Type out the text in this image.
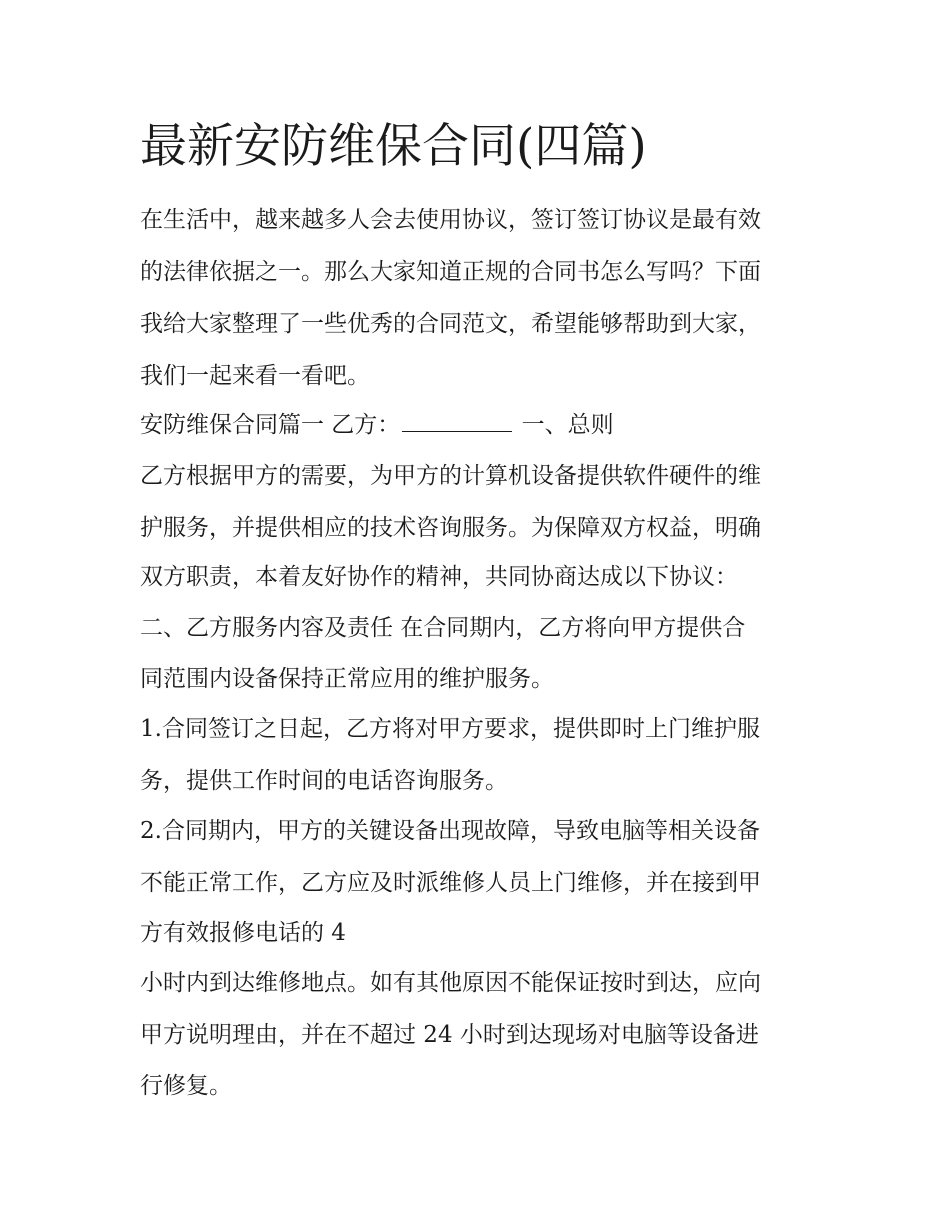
最新安防维保合同(四篇)

在生活中，越来越多人会去使用协议，签订签订协议是最有效

的法律依据之一。那么大家知道正规的合同书怎么写吗？下面

我给大家整理了一些优秀的合同范文，希望能够帮助到大家，

我们一起来看一看吧。

安防维保合同篇一 乙方：	一、总则

乙方根据甲方的需要，为甲方的计算机设备提供软件硬件的维

护服务，并提供相应的技术咨询服务。为保障双方权益，明确

双方职责，本着友好协作的精神，共同协商达成以下协议：

二、乙方服务内容及责任 在合同期内，乙方将向甲方提供合

同范围内设备保持正常应用的维护服务。

1.合同签订之日起，乙方将对甲方要求，提供即时上门维护服

务，提供工作时间的电话咨询服务。

2.合同期内，甲方的关键设备出现故障，导致电脑等相关设备

不能正常工作，乙方应及时派维修人员上门维修，并在接到甲

方有效报修电话的 4

小时内到达维修地点。如有其他原因不能保证按时到达，应向

甲方说明理由，并在不超过 24 小时到达现场对电脑等设备进

行修复。
